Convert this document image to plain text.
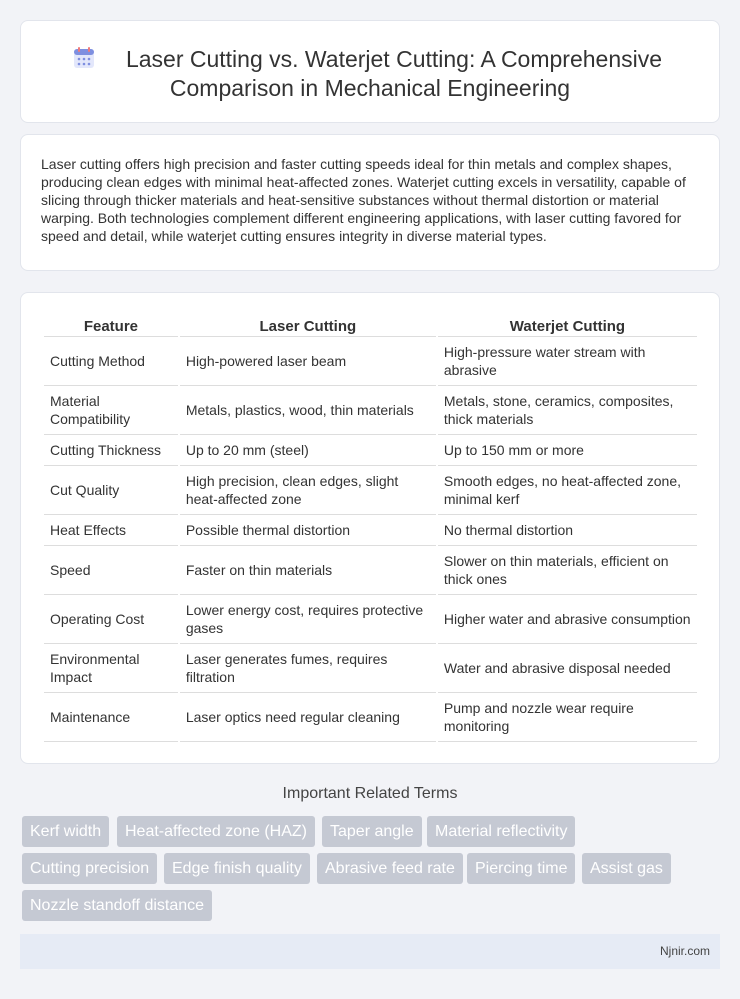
Laser Cutting vs. Waterjet Cutting: A Comprehensive
Comparison in Mechanical Engineering

Laser cutting offers high precision and faster cutting speeds ideal for thin metals and complex shapes, producing clean edges with minimal heat-affected zones. Waterjet cutting excels in versatility, capable of slicing through thicker materials and heat-sensitive substances without thermal distortion or material warping. Both technologies complement different engineering applications, with laser cutting favored for speed and detail, while waterjet cutting ensures integrity in diverse material types.

Feature	Laser Cutting	Waterjet Cutting
Cutting Method	High-powered laser beam	High-pressure water stream with abrasive
Material Compatibility	Metals, plastics, wood, thin materials	Metals, stone, ceramics, composites, thick materials
Cutting Thickness	Up to 20 mm (steel)	Up to 150 mm or more
Cut Quality	High precision, clean edges, slight heat-affected zone	Smooth edges, no heat-affected zone, minimal kerf
Heat Effects	Possible thermal distortion	No thermal distortion
Speed	Faster on thin materials	Slower on thin materials, efficient on thick ones
Operating Cost	Lower energy cost, requires protective gases	Higher water and abrasive consumption
Environmental Impact	Laser generates fumes, requires filtration	Water and abrasive disposal needed
Maintenance	Laser optics need regular cleaning	Pump and nozzle wear require monitoring
Important Related Terms
Kerf width	Heat-affected zone (HAZ)	Taper angle	Material reflectivity
Cutting precision	Edge finish quality	Abrasive feed rate	Piercing time	Assist gas
Nozzle standoff distance
Njnir.com
